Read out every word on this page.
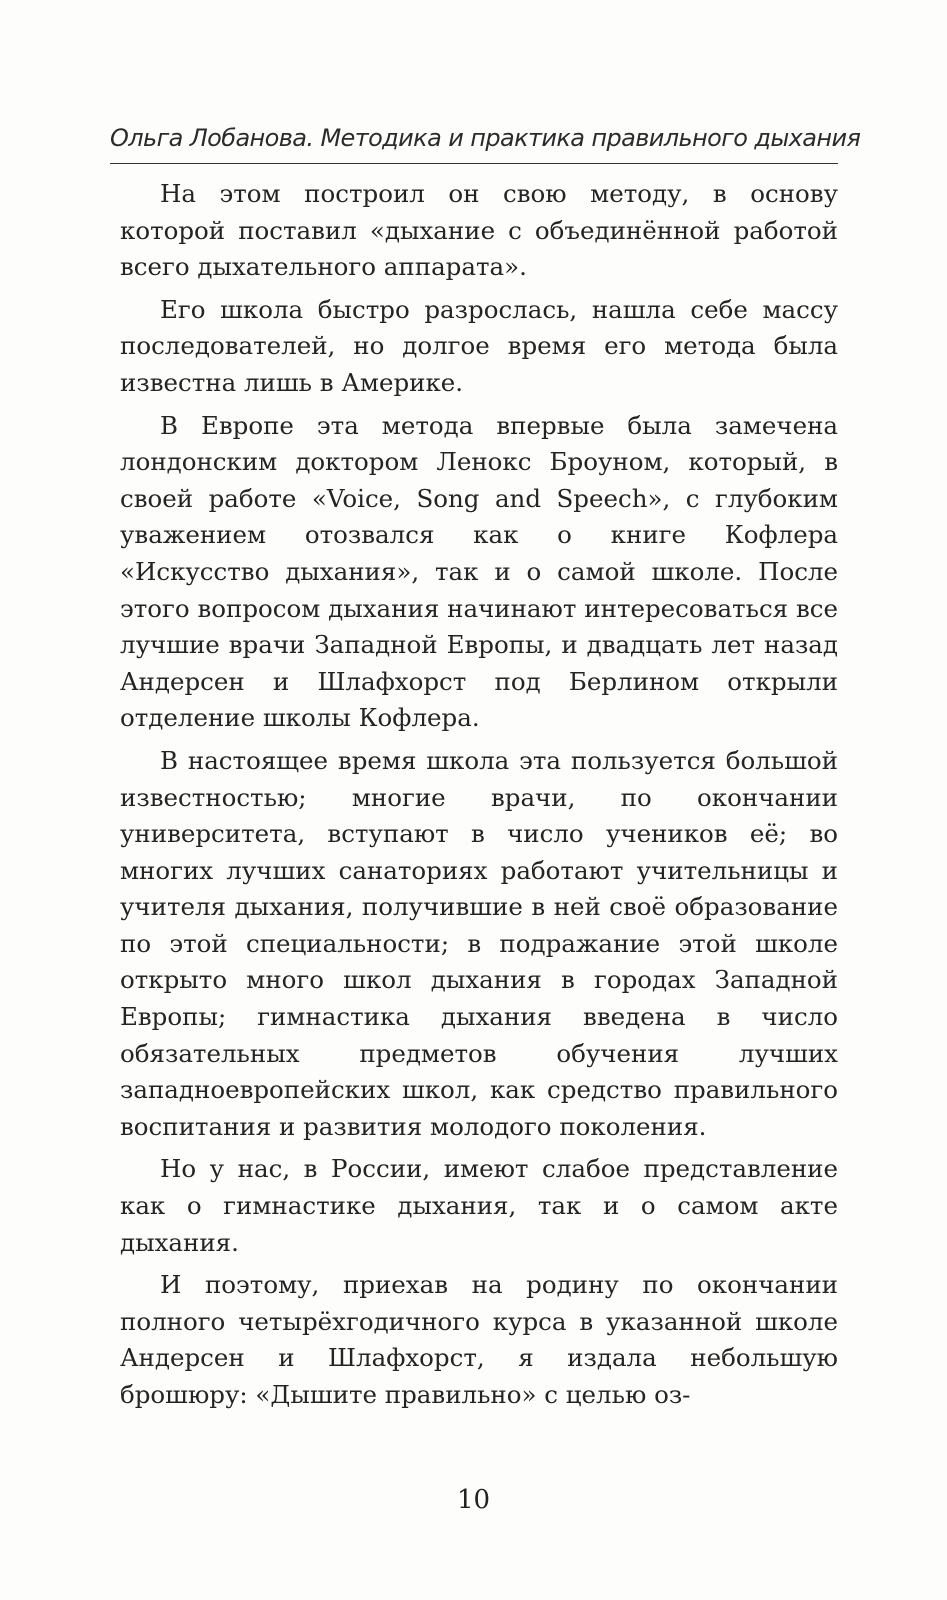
Ольга Лобанова. Методика и практика правильного дыхания

На этом построил он свою методу, в основу которой поставил «дыхание с объединённой работой всего дыхательного аппарата».

Его школа быстро разрослась, нашла себе массу последователей, но долгое время его метода была известна лишь в Америке.

В Европе эта метода впервые была замечена лондонским доктором Ленокс Броуном, который, в своей работе «Voice, Song and Speech», с глубоким уважением отозвался как о книге Кофлера «Искусство дыхания», так и о самой школе. После этого вопросом дыхания начинают интересоваться все лучшие врачи Западной Европы, и двадцать лет назад Андерсен и Шлафхорст под Берлином открыли отделение школы Кофлера.

В настоящее время школа эта пользуется большой известностью; многие врачи, по окончании университета, вступают в число учеников её; во многих лучших санаториях работают учительницы и учителя дыхания, получившие в ней своё образование по этой специальности; в подражание этой школе открыто много школ дыхания в городах Западной Европы; гимнастика дыхания введена в число обязательных предметов обучения лучших западноевропейских школ, как средство правильного воспитания и развития молодого поколения.

Но у нас, в России, имеют слабое представление как о гимнастике дыхания, так и о самом акте дыхания.

И поэтому, приехав на родину по окончании полного четырёхгодичного курса в указанной школе Андерсен и Шлафхорст, я издала небольшую брошюру: «Дышите правильно» с целью оз-

10
